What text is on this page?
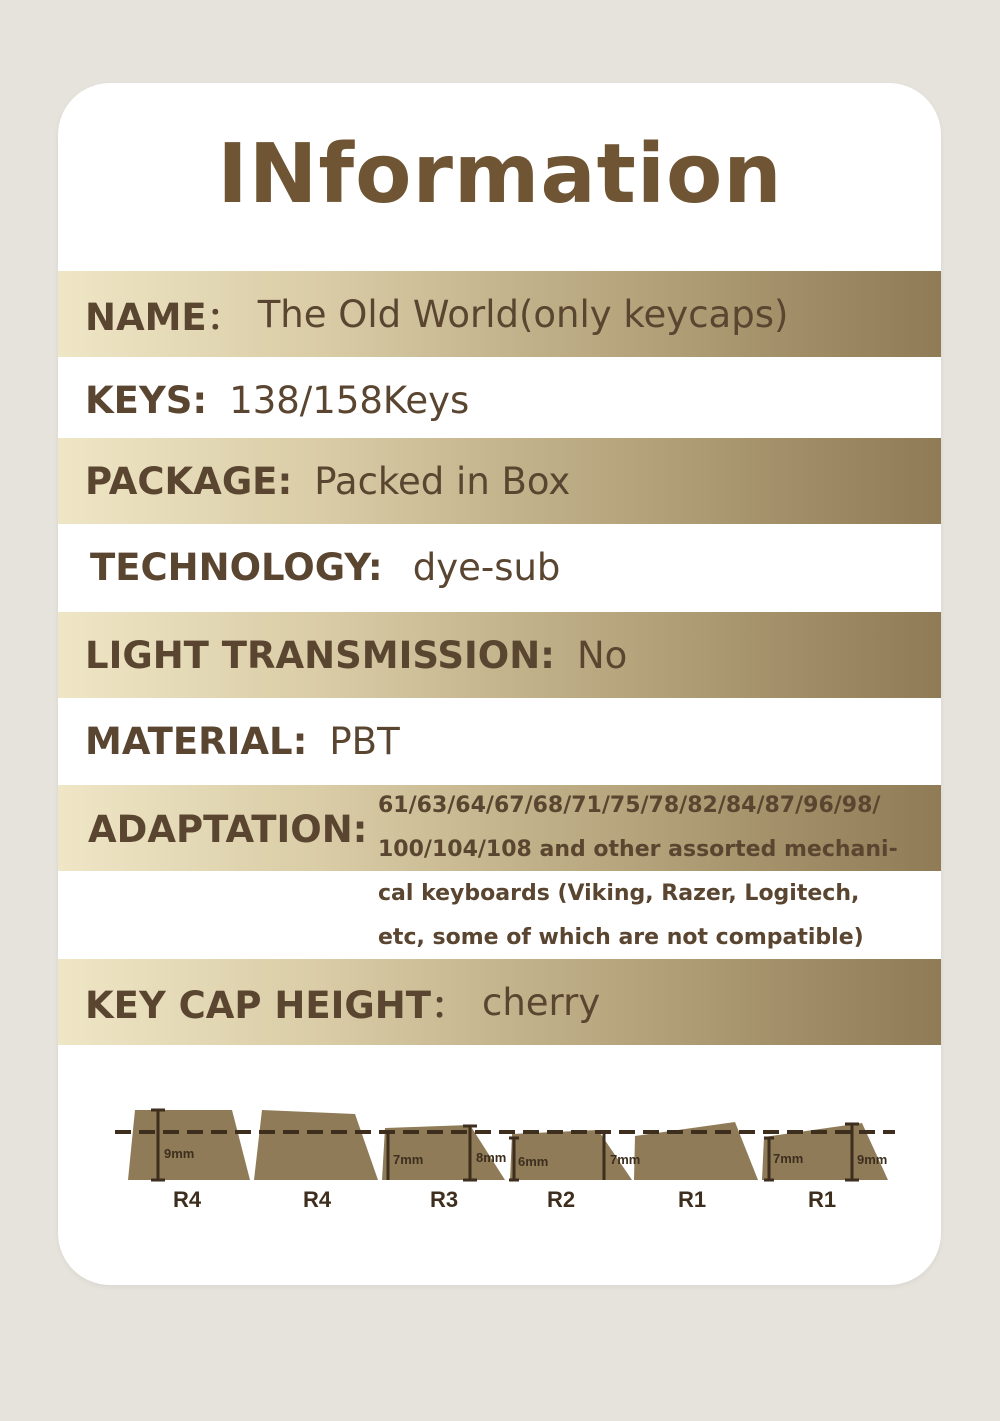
INformation
NAME： The Old World(only keycaps)
KEYS: 138/158Keys
PACKAGE: Packed in Box
TECHNOLOGY: dye-sub
LIGHT TRANSMISSION: No
MATERIAL: PBT
ADAPTATION:
61/63/64/67/68/71/75/78/82/84/87/96/98/
100/104/108 and other assorted mechani-
cal keyboards (Viking, Razer, Logitech,
etc, some of which are not compatible)
KEY CAP HEIGHT： cherry
9mm	7mm	8mm 6mm	7mm	7mm	9mm
R4	R4	R3	R2	R1	R1
